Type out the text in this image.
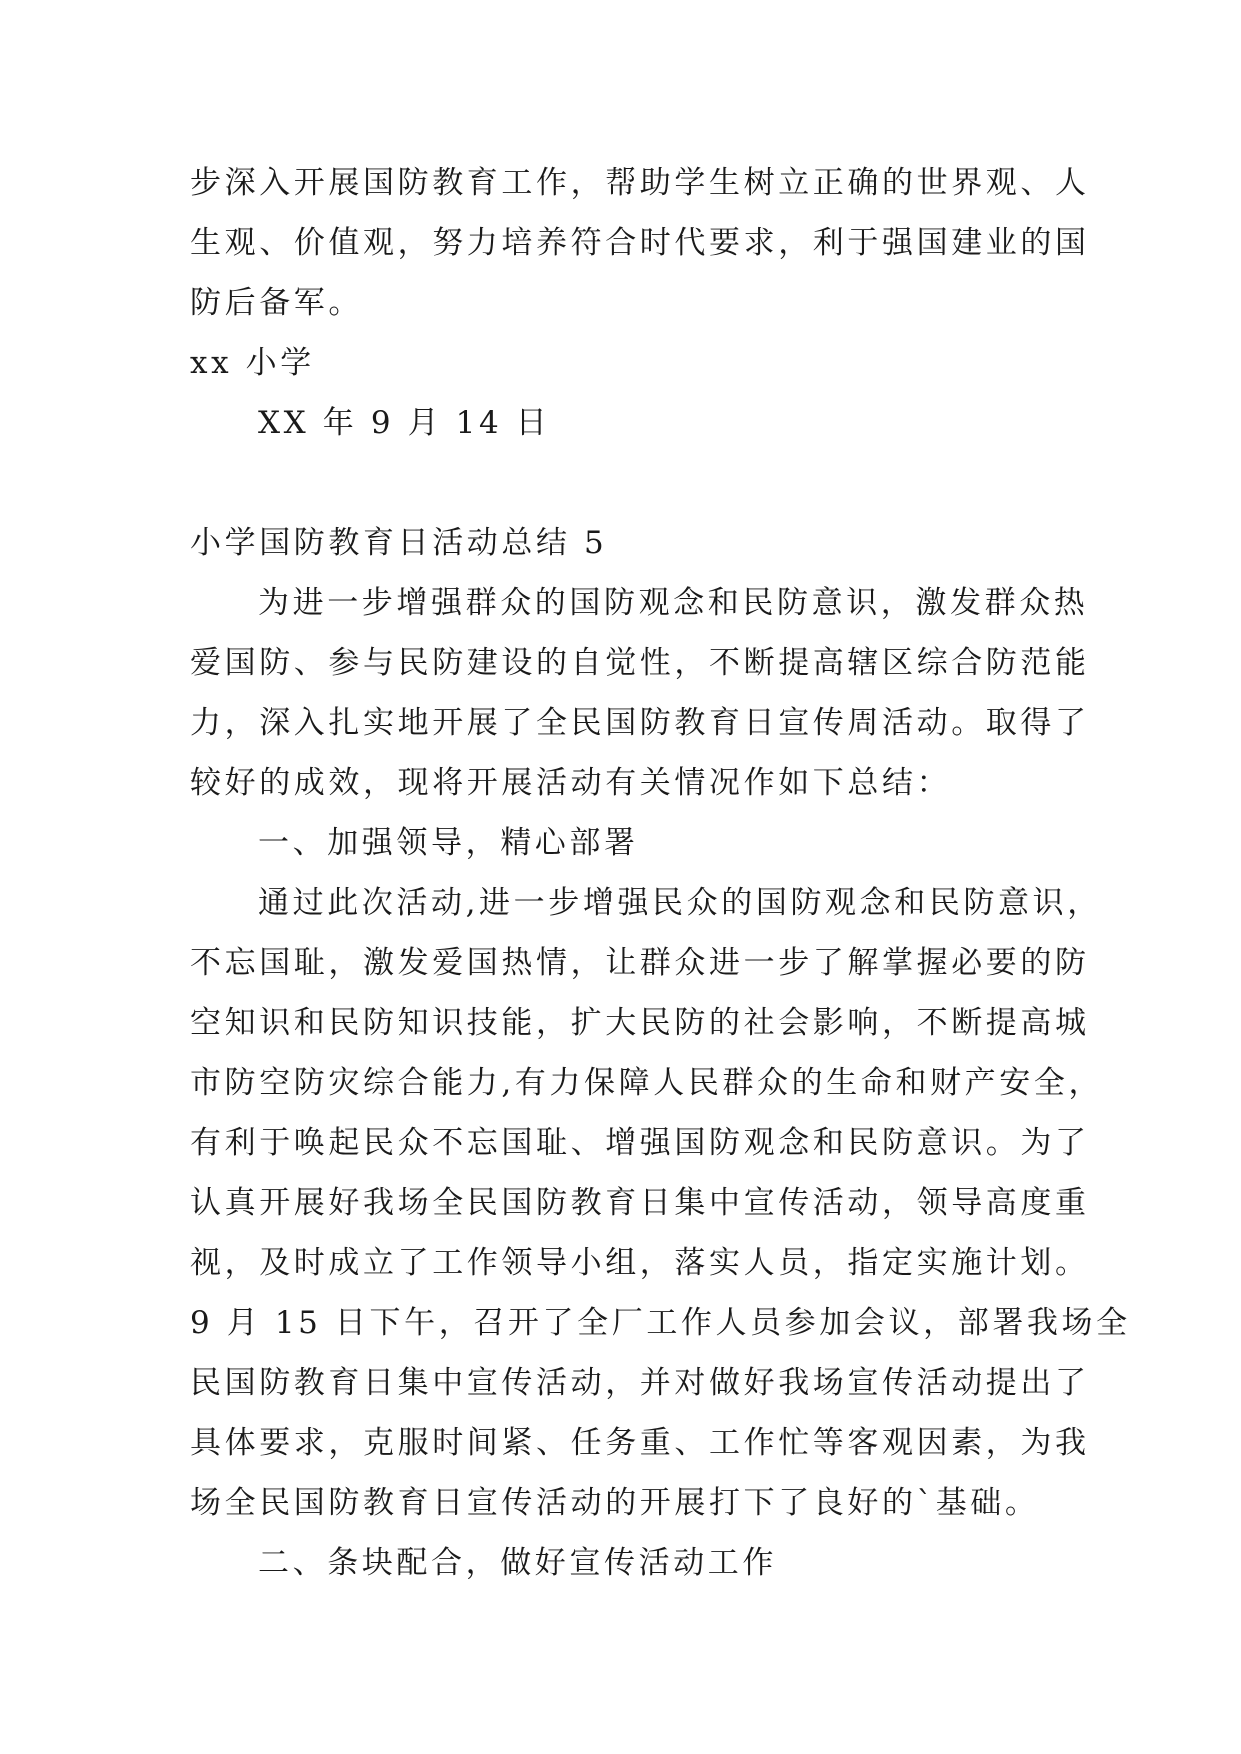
步深入开展国防教育工作，帮助学生树立正确的世界观、人
生观、价值观，努力培养符合时代要求，利于强国建业的国
防后备军。
xx 小学
XX 年 9 月 14 日
小学国防教育日活动总结 5
为进一步增强群众的国防观念和民防意识，激发群众热
爱国防、参与民防建设的自觉性，不断提高辖区综合防范能
力，深入扎实地开展了全民国防教育日宣传周活动。取得了
较好的成效，现将开展活动有关情况作如下总结：
一、加强领导，精心部署
通过此次活动,进一步增强民众的国防观念和民防意识，
不忘国耻，激发爱国热情，让群众进一步了解掌握必要的防
空知识和民防知识技能，扩大民防的社会影响，不断提高城
市防空防灾综合能力,有力保障人民群众的生命和财产安全，
有利于唤起民众不忘国耻、增强国防观念和民防意识。为了
认真开展好我场全民国防教育日集中宣传活动，领导高度重
视，及时成立了工作领导小组，落实人员，指定实施计划。
9 月 15 日下午，召开了全厂工作人员参加会议，部署我场全
民国防教育日集中宣传活动，并对做好我场宣传活动提出了
具体要求，克服时间紧、任务重、工作忙等客观因素，为我
场全民国防教育日宣传活动的开展打下了良好的`基础。
二、条块配合，做好宣传活动工作
